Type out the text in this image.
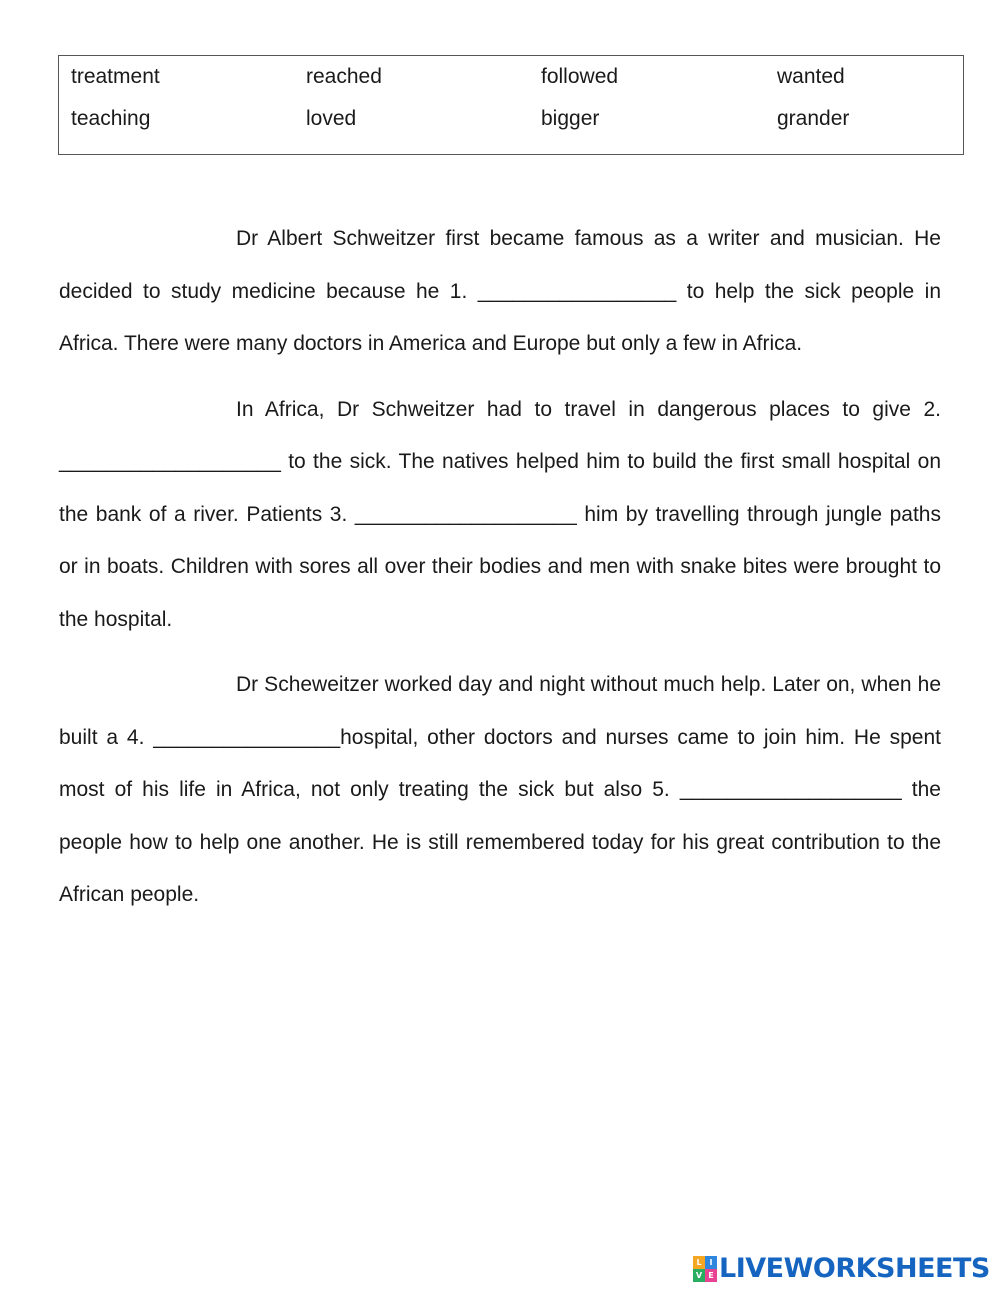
treatment	reached	followed	wanted
teaching	loved	bigger	grander

Dr Albert Schweitzer first became famous as a writer and musician. He decided to study medicine because he 1. _________________ to help the sick people in Africa. There were many doctors in America and Europe but only a few in Africa.

In Africa, Dr Schweitzer had to travel in dangerous places to give 2. ___________________ to the sick. The natives helped him to build the first small hospital on the bank of a river. Patients 3. ___________________ him by travelling through jungle paths or in boats. Children with sores all over their bodies and men with snake bites were brought to the hospital.

Dr Scheweitzer worked day and night without much help. Later on, when he built a 4. ________________hospital, other doctors and nurses came to join him. He spent most of his life in Africa, not only treating the sick but also 5. ___________________ the people how to help one another. He is still remembered today for his great contribution to the African people.

L I
V E LIVEWORKSHEETS
